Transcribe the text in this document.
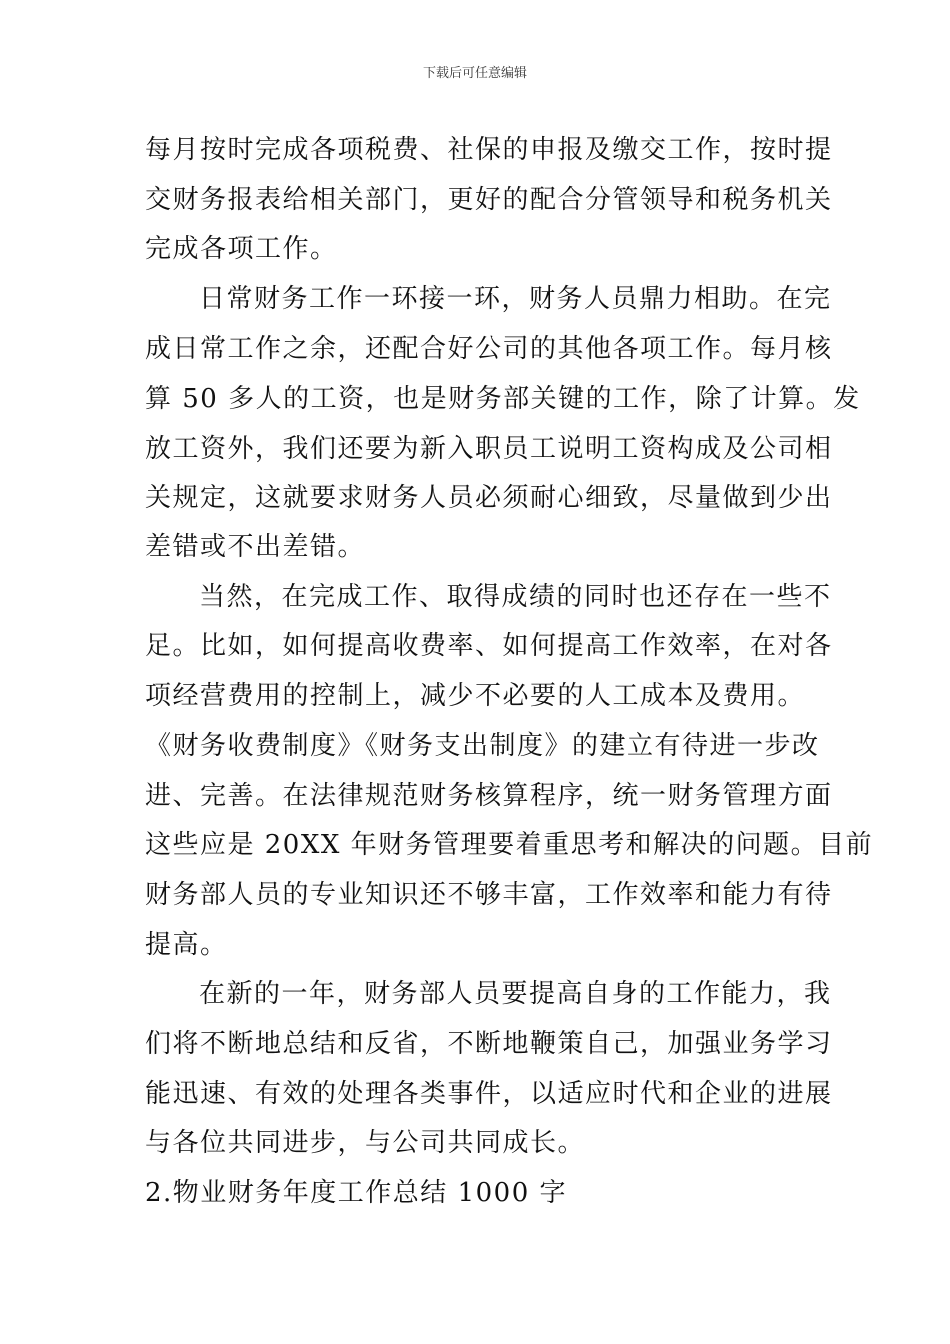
下载后可任意编辑
每月按时完成各项税费、社保的申报及缴交工作，按时提
交财务报表给相关部门，更好的配合分管领导和税务机关
完成各项工作。
日常财务工作一环接一环，财务人员鼎力相助。在完
成日常工作之余，还配合好公司的其他各项工作。每月核
算 50 多人的工资，也是财务部关键的工作，除了计算。发
放工资外，我们还要为新入职员工说明工资构成及公司相
关规定，这就要求财务人员必须耐心细致，尽量做到少出
差错或不出差错。
当然，在完成工作、取得成绩的同时也还存在一些不
足。比如，如何提高收费率、如何提高工作效率，在对各
项经营费用的控制上，减少不必要的人工成本及费用。
《财务收费制度》《财务支出制度》的建立有待进一步改
进、完善。在法律规范财务核算程序，统一财务管理方面
这些应是 20XX 年财务管理要着重思考和解决的问题。目前
财务部人员的专业知识还不够丰富，工作效率和能力有待
提高。
在新的一年，财务部人员要提高自身的工作能力，我
们将不断地总结和反省，不断地鞭策自己，加强业务学习
能迅速、有效的处理各类事件，以适应时代和企业的进展
与各位共同进步，与公司共同成长。
2.物业财务年度工作总结 1000 字
